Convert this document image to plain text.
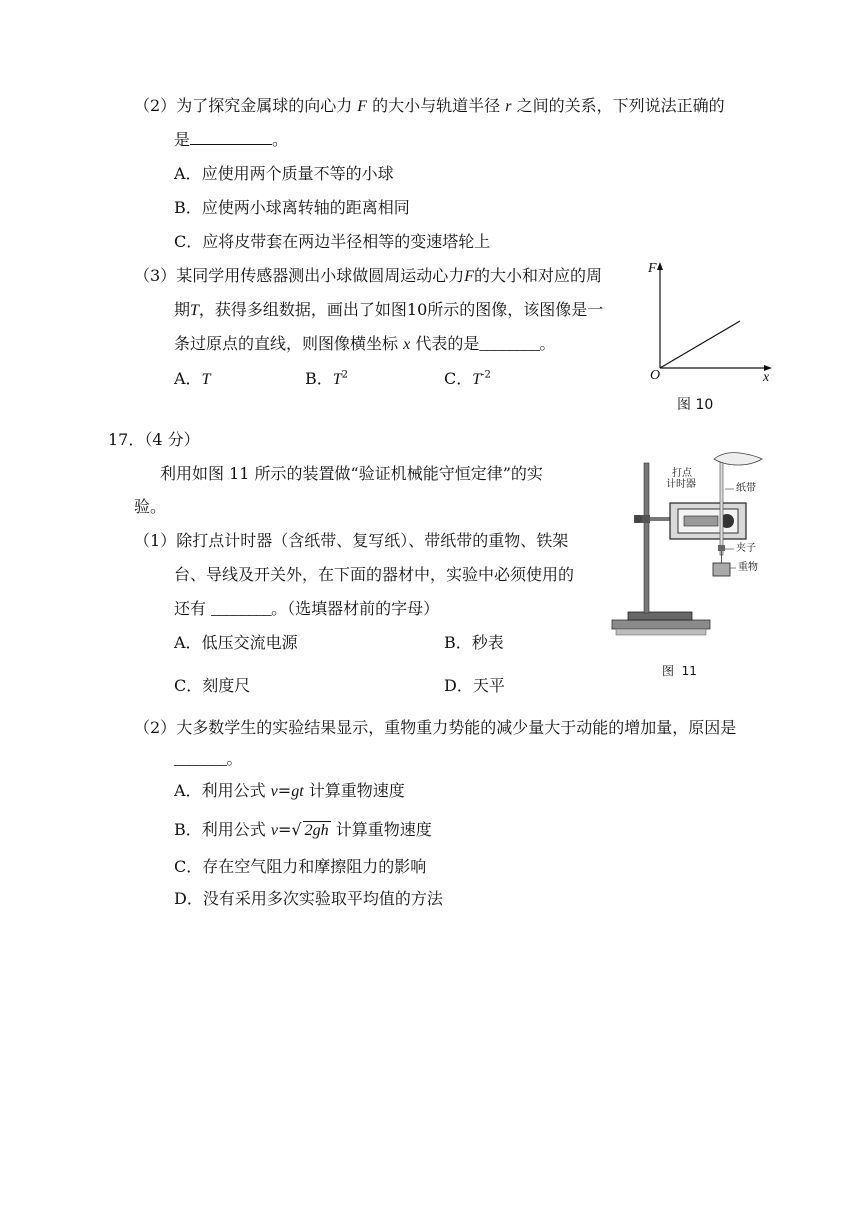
（2）为了探究金属球的向心力 F 的大小与轨道半径 r 之间的关系，下列说法正确的
是	。
A．应使用两个质量不等的小球
B．应使两小球离转轴的距离相同
C．应将皮带套在两边半径相等的变速塔轮上
（3）某同学用传感器测出小球做圆周运动心力F的大小和对应的周
期T，获得多组数据，画出了如图10所示的图像，该图像是一
条过原点的直线，则图像横坐标 x 代表的是________。
A．T	B．$T^2$	C．$T^{-2}$
F
x
O
图 10
17．（4 分）
利用如图 11 所示的装置做“验证机械能守恒定律”的实
验。
（1）除打点计时器（含纸带、复写纸）、带纸带的重物、铁架
台、导线及开关外，在下面的器材中，实验中必须使用的
还有 ________。（选填器材前的字母）
A．低压交流电源	B．秒表
C．刻度尺	D．天平
打点
计时器	纸带
夹子
重物
图  11
（2）大多数学生的实验结果显示，重物重力势能的减少量大于动能的增加量，原因是
_______。
A．利用公式 v=gt 计算重物速度
B．利用公式 v=√ 2gh 计算重物速度
C．存在空气阻力和摩擦阻力的影响
D．没有采用多次实验取平均值的方法
